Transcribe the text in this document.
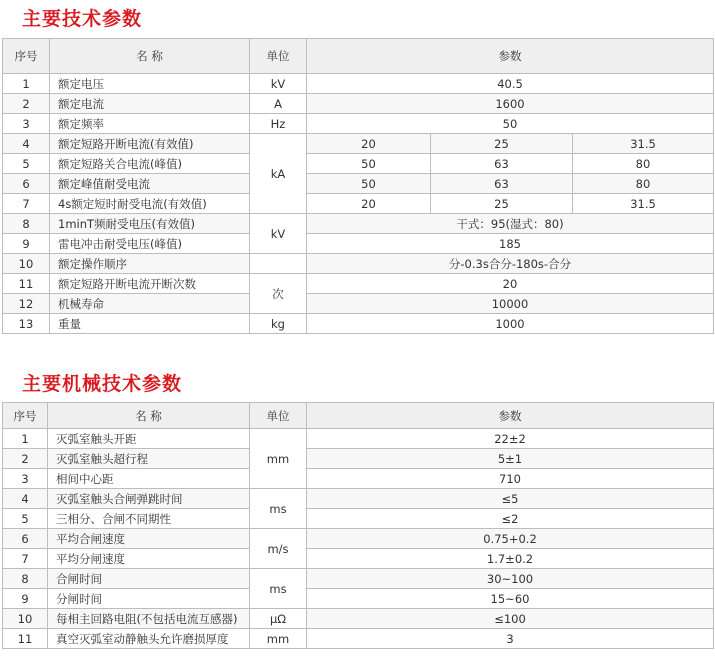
主要技术参数
序号	名 称	单位	参数		
1	额定电压	kV	40.5		
2	额定电流	A	1600		
3	额定频率	Hz	50		
4	额定短路开断电流(有效值)	kA	20	25	31.5
5	额定短路关合电流(峰值)		50	63	80
6	额定峰值耐受电流		50	63	80
7	4s额定短时耐受电流(有效值)		20	25	31.5
8	1minT频耐受电压(有效值)	kV	干式：95(湿式：80)		
9	雷电冲击耐受电压(峰值)		185		
10	额定操作顺序		分-0.3s合分-180s-合分		
11	额定短路开断电流开断次数	次	20		
12	机械寿命		10000		
13	重量	kg	1000		
主要机械技术参数
序号	名 称	单位	参数
1	灭弧室触头开距	mm	22±2
2	灭弧室触头超行程		5±1
3	相间中心距		710
4	灭弧室触头合闸弹跳时间	ms	≤5
5	三相分、合闸不同期性		≤2
6	平均合闸速度	m/s	0.75+0.2
7	平均分闸速度		1.7±0.2
8	合闸时间	ms	30~100
9	分闸时间		15~60
10	每相主回路电阻(不包括电流互感器)	μΩ	≤100
11	真空灭弧室动静触头允许磨损厚度	mm	3
